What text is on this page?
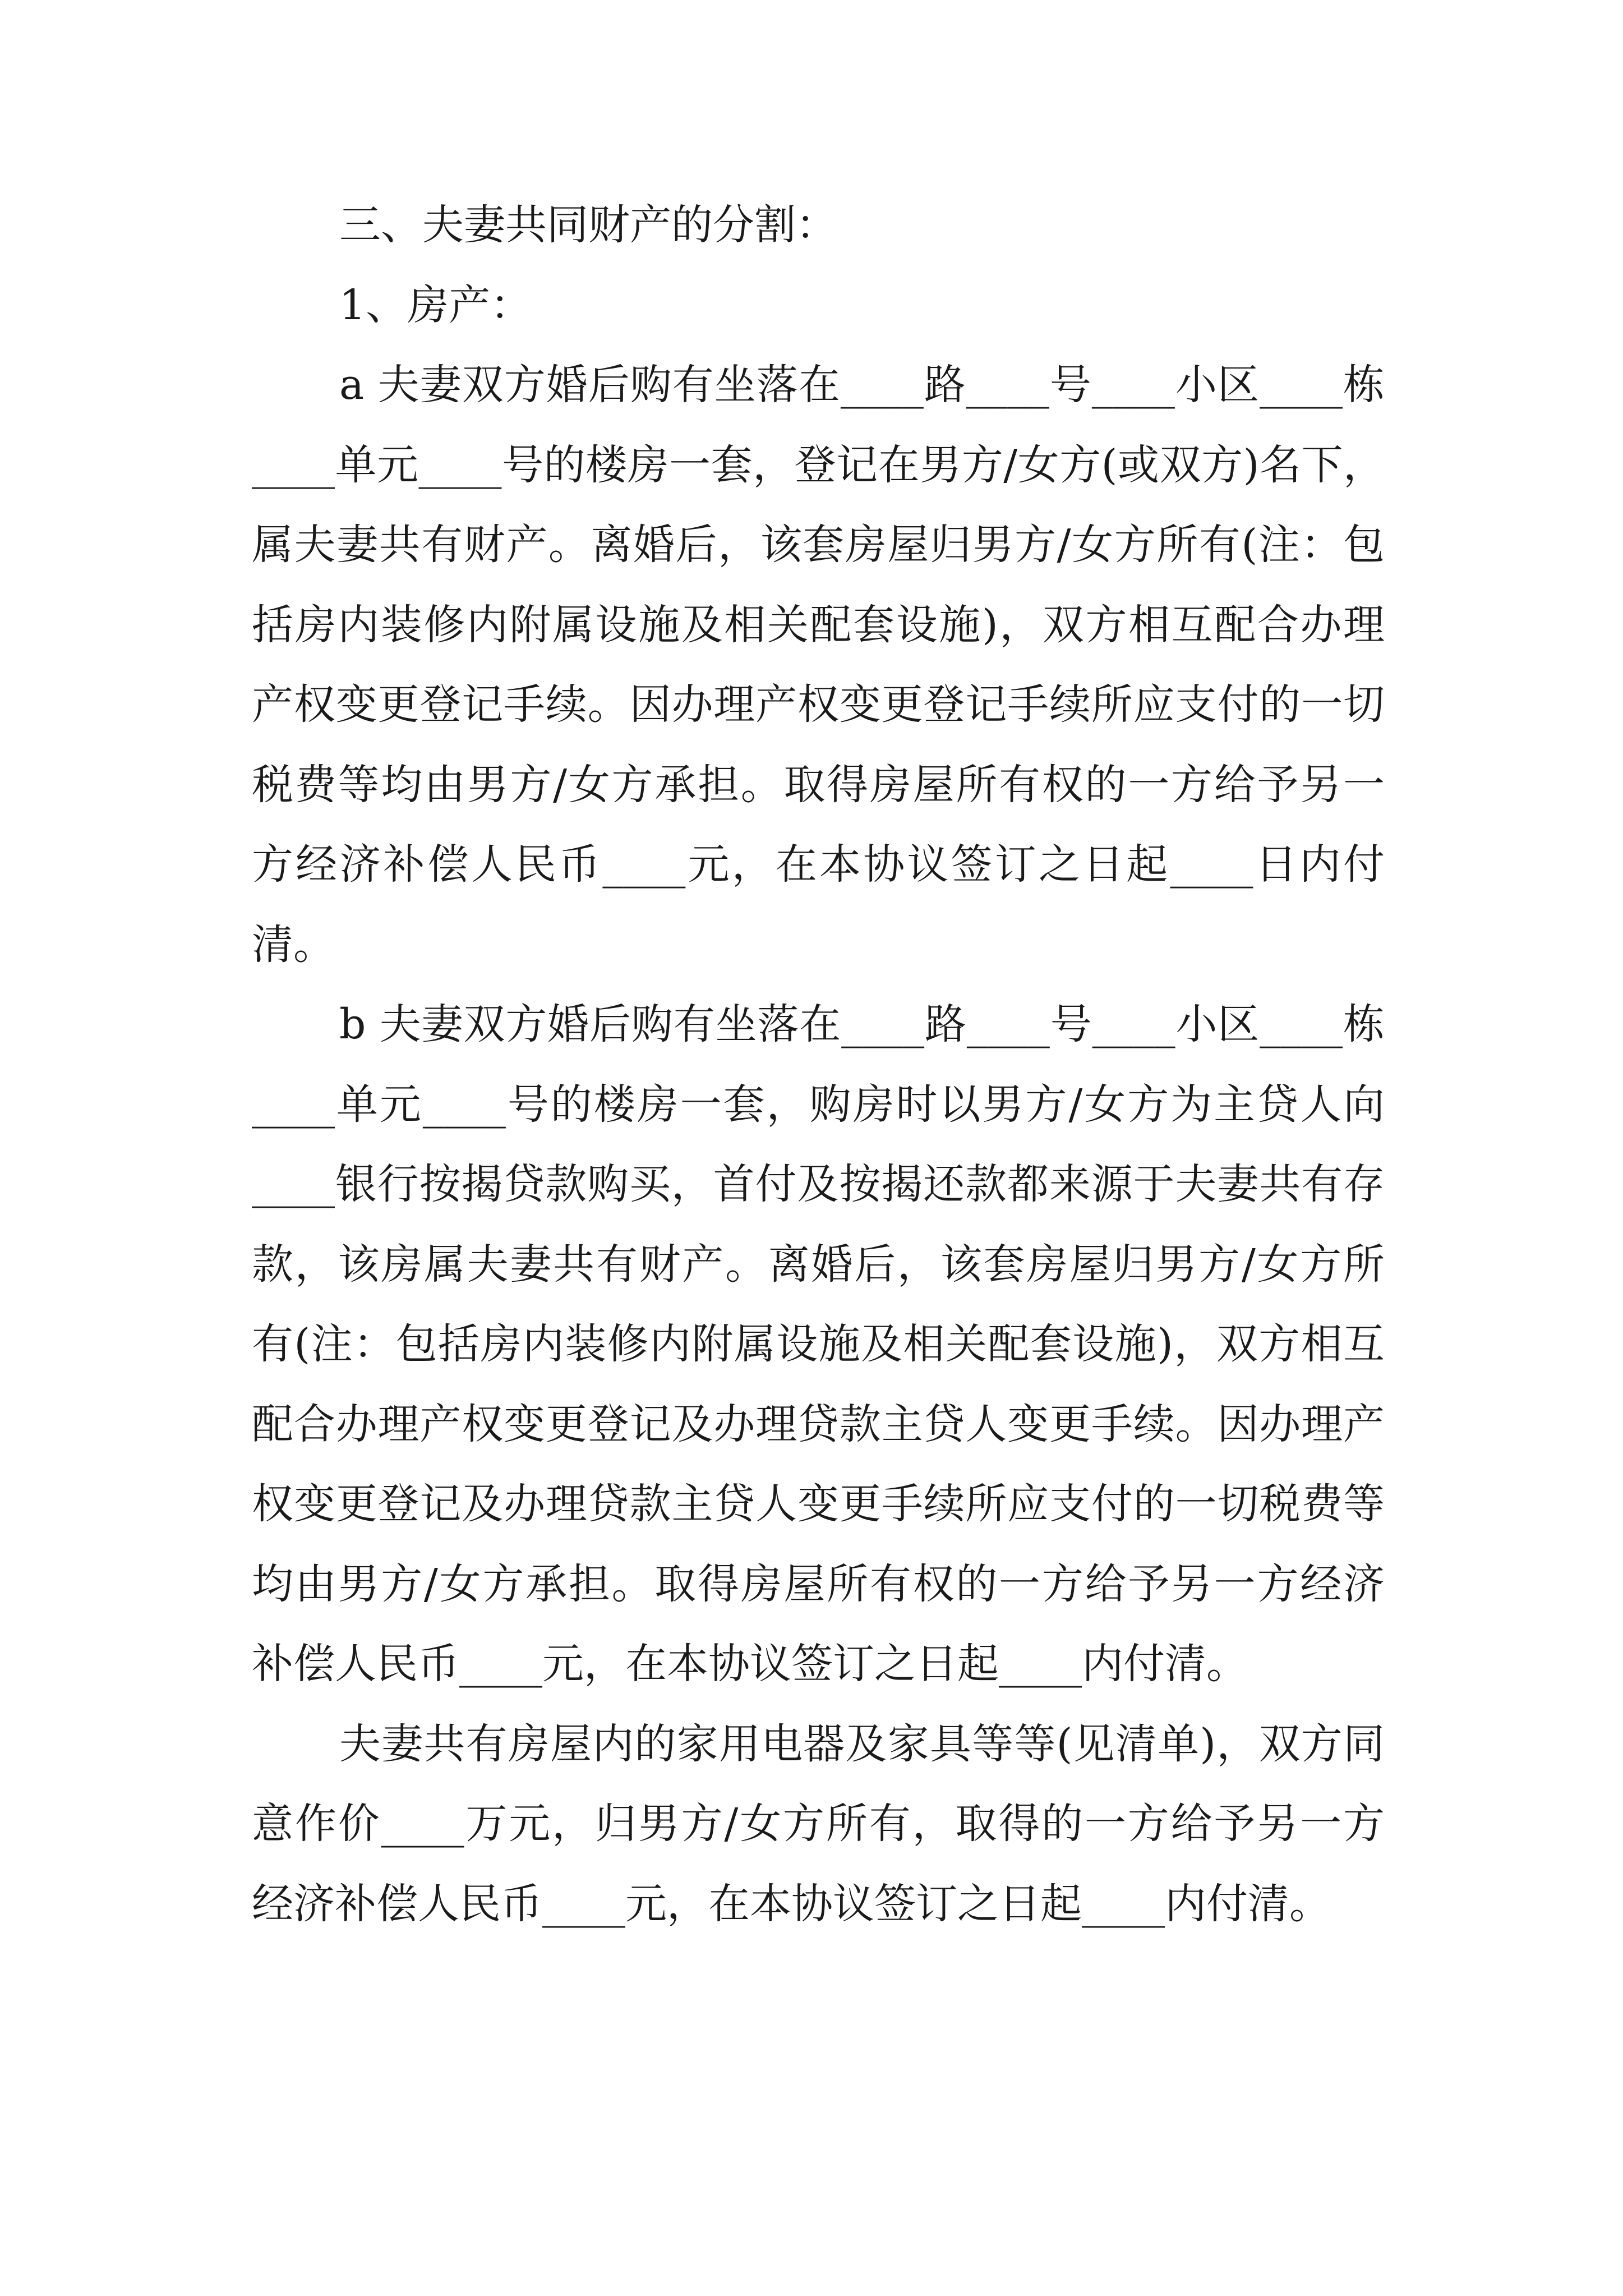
三、夫妻共同财产的分割：

1、房产：

a 夫妻双方婚后购有坐落在____路____号____小区____栋____单元____号的楼房一套，登记在男方/女方(或双方)名下，属夫妻共有财产。离婚后，该套房屋归男方/女方所有(注：包括房内装修内附属设施及相关配套设施)，双方相互配合办理产权变更登记手续。因办理产权变更登记手续所应支付的一切税费等均由男方/女方承担。取得房屋所有权的一方给予另一方经济补偿人民币____元，在本协议签订之日起____日内付清。

b 夫妻双方婚后购有坐落在____路____号____小区____栋____单元____号的楼房一套，购房时以男方/女方为主贷人向____银行按揭贷款购买，首付及按揭还款都来源于夫妻共有存款，该房属夫妻共有财产。离婚后，该套房屋归男方/女方所有(注：包括房内装修内附属设施及相关配套设施)，双方相互配合办理产权变更登记及办理贷款主贷人变更手续。因办理产权变更登记及办理贷款主贷人变更手续所应支付的一切税费等均由男方/女方承担。取得房屋所有权的一方给予另一方经济补偿人民币____元，在本协议签订之日起____内付清。

夫妻共有房屋内的家用电器及家具等等(见清单)，双方同意作价____万元，归男方/女方所有，取得的一方给予另一方经济补偿人民币____元，在本协议签订之日起____内付清。
